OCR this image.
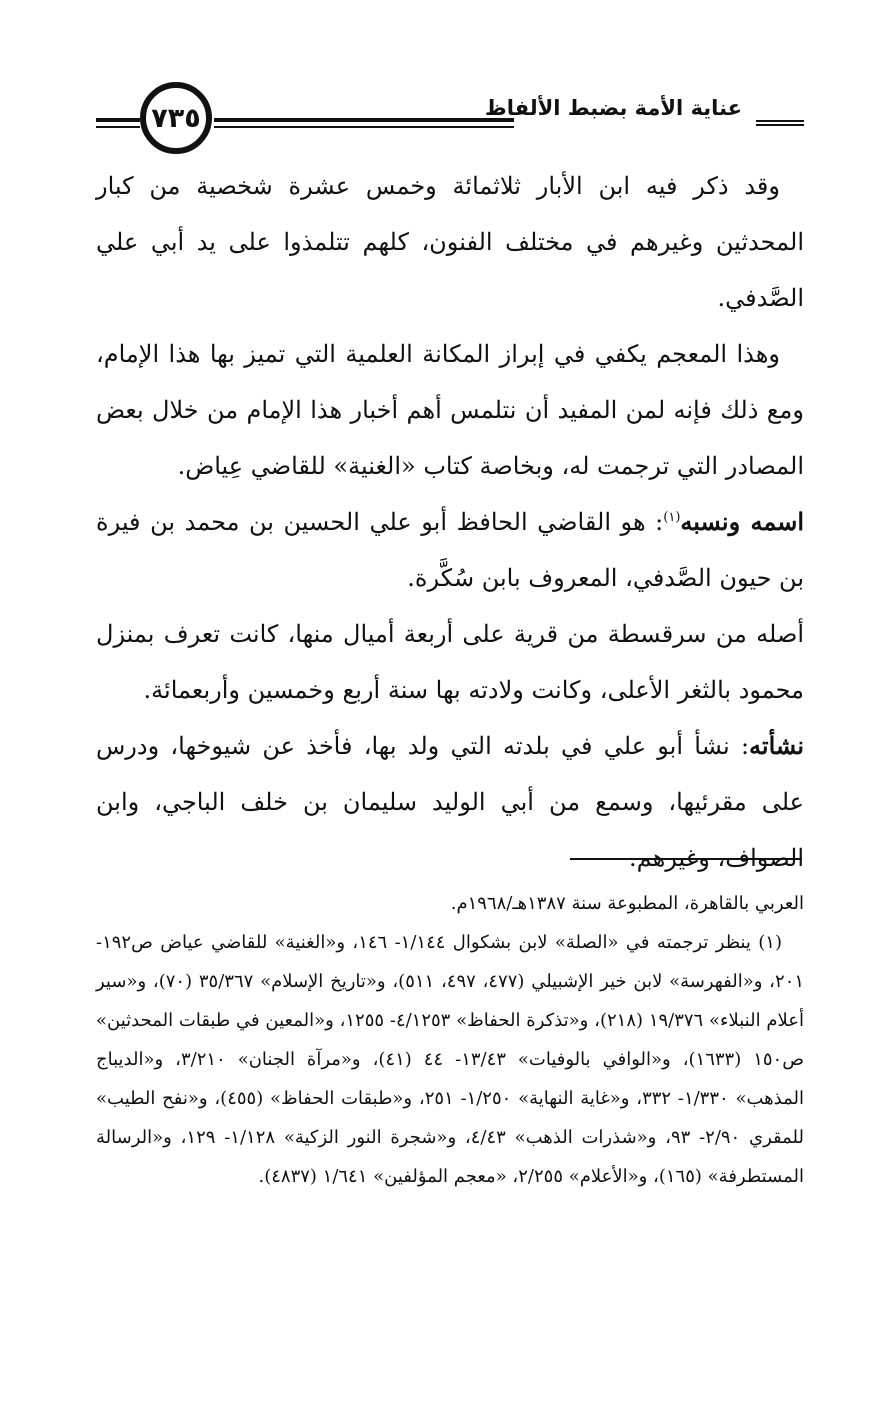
عناية الأمة بضبط الألفاظ
٧٣٥

وقد ذكر فيه ابن الأبار ثلاثمائة وخمس عشرة شخصية من كبار المحدثين وغيرهم في مختلف الفنون، كلهم تتلمذوا على يد أبي علي الصَّدفي.

وهذا المعجم يكفي في إبراز المكانة العلمية التي تميز بها هذا الإمام، ومع ذلك فإنه لمن المفيد أن نتلمس أهم أخبار هذا الإمام من خلال بعض المصادر التي ترجمت له، وبخاصة كتاب «الغنية» للقاضي عِياض.

اسمه ونسبه$^{(١)}$: هو القاضي الحافظ أبو علي الحسين بن محمد بن فيرة بن حيون الصَّدفي، المعروف بابن سُكَّرة.

أصله من سرقسطة من قرية على أربعة أميال منها، كانت تعرف بمنزل محمود بالثغر الأعلى، وكانت ولادته بها سنة أربع وخمسين وأربعمائة.

نشأته: نشأ أبو علي في بلدته التي ولد بها، فأخذ عن شيوخها، ودرس على مقرئيها، وسمع من أبي الوليد سليمان بن خلف الباجي، وابن الصواف، وغيرهم.

العربي بالقاهرة، المطبوعة سنة ١٣٨٧هـ/١٩٦٨م.

(١) ينظر ترجمته في «الصلة» لابن بشكوال ١/١٤٤- ١٤٦، و«الغنية» للقاضي عياض ص١٩٢- ٢٠١، و«الفهرسة» لابن خير الإشبيلي (٤٧٧، ٤٩٧، ٥١١)، و«تاريخ الإسلام» ٣٥/٣٦٧ (٧٠)، و«سير أعلام النبلاء» ١٩/٣٧٦ (٢١٨)، و«تذكرة الحفاظ» ٤/١٢٥٣- ١٢٥٥، و«المعين في طبقات المحدثين» ص١٥٠ (١٦٣٣)، و«الوافي بالوفيات» ١٣/٤٣- ٤٤ (٤١)، و«مرآة الجنان» ٣/٢١٠، و«الديباج المذهب» ١/٣٣٠- ٣٣٢، و«غاية النهاية» ١/٢٥٠- ٢٥١، و«طبقات الحفاظ» (٤٥٥)، و«نفح الطيب» للمقري ٢/٩٠- ٩٣، و«شذرات الذهب» ٤/٤٣، و«شجرة النور الزكية» ١/١٢٨- ١٢٩، و«الرسالة المستطرفة» (١٦٥)، و«الأعلام» ٢/٢٥٥، «معجم المؤلفين» ١/٦٤١ (٤٨٣٧).
